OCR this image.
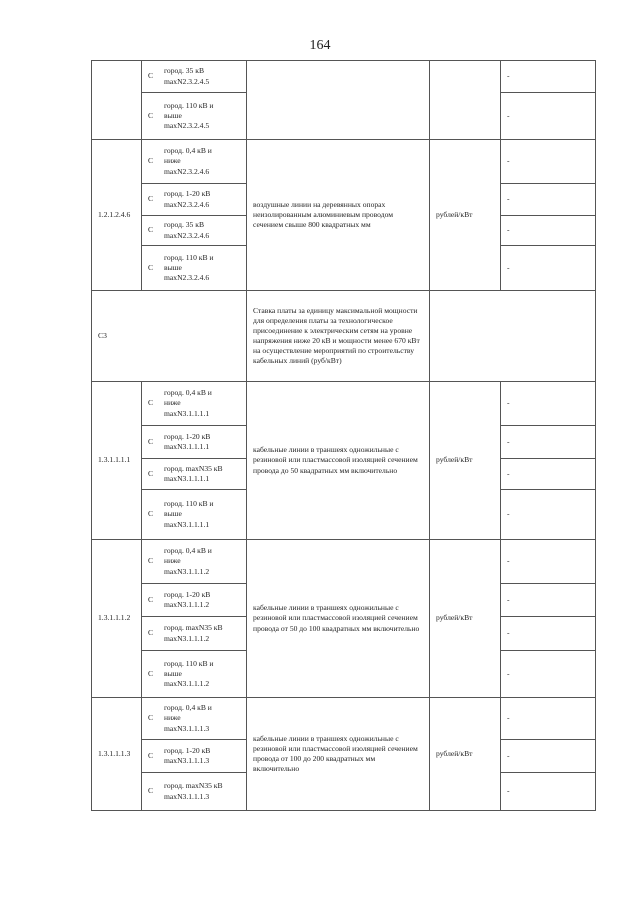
164

	С
город. 35 кВ
maxN2.3.2.4.5			-

	С
город. 110 кВ и
выше
maxN2.3.2.4.5			-
1.2.1.2.4.6	С
город. 0,4 кВ и
ниже
maxN2.3.2.4.6	воздушные линии на деревянных опорах неизолированным алюминиевым проводом сечением свыше 800 квадратных мм	рублей/кВт	-

	С
город. 1-20 кВ
maxN2.3.2.4.6			-

	С
город. 35 кВ
maxN2.3.2.4.6			-

	С
город. 110 кВ и
выше
maxN2.3.2.4.6			-
С3		Ставка платы за единицу максимальной мощности для определения платы за технологическое присоединение к электрическим сетям на уровне напряжения ниже 20 кВ и мощности менее 670 кВт на осуществление мероприятий по строительству кабельных линий (руб/кВт)		
1.3.1.1.1.1	С
город. 0,4 кВ и
ниже
maxN3.1.1.1.1	кабельные линии в траншеях одножильные с резиновой или пластмассовой изоляцией сечением провода до 50 квадратных мм включительно	рублей/кВт	-

	С
город. 1-20 кВ
maxN3.1.1.1.1			-

	С
город. maxN35 кВ
maxN3.1.1.1.1			-

	С
город. 110 кВ и
выше
maxN3.1.1.1.1			-
1.3.1.1.1.2	С
город. 0,4 кВ и
ниже
maxN3.1.1.1.2	кабельные линии в траншеях одножильные с резиновой или пластмассовой изоляцией сечением провода от 50 до 100 квадратных мм включительно	рублей/кВт	-

	С
город. 1-20 кВ
maxN3.1.1.1.2			-

	С
город. maxN35 кВ
maxN3.1.1.1.2			-

	С
город. 110 кВ и
выше
maxN3.1.1.1.2			-
1.3.1.1.1.3	С
город. 0,4 кВ и
ниже
maxN3.1.1.1.3	кабельные линии в траншеях одножильные с резиновой или пластмассовой изоляцией сечением провода от 100 до 200 квадратных мм включительно	рублей/кВт	-

	С
город. 1-20 кВ
maxN3.1.1.1.3			-

	С
город. maxN35 кВ
maxN3.1.1.1.3			-
